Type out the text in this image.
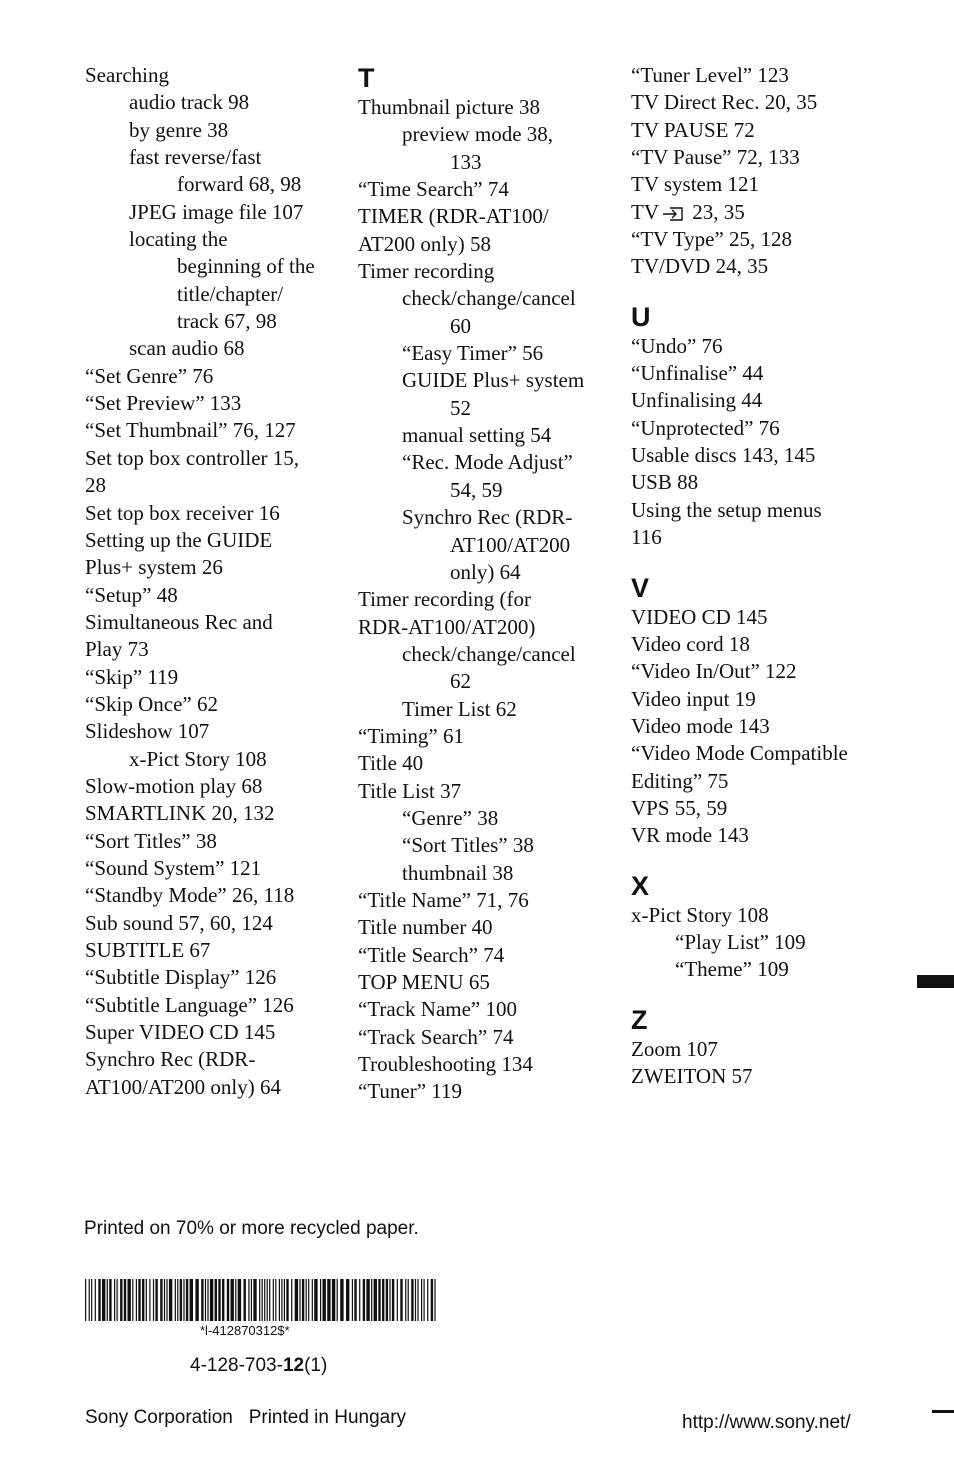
Searching
audio track 98
by genre 38
fast reverse/fast
forward 68, 98
JPEG image file 107
locating the
beginning of the
title/chapter/
track 67, 98
scan audio 68
“Set Genre” 76
“Set Preview” 133
“Set Thumbnail” 76, 127
Set top box controller 15,
28
Set top box receiver 16
Setting up the GUIDE
Plus+ system 26
“Setup” 48
Simultaneous Rec and
Play 73
“Skip” 119
“Skip Once” 62
Slideshow 107
x-Pict Story 108
Slow-motion play 68
SMARTLINK 20, 132
“Sort Titles” 38
“Sound System” 121
“Standby Mode” 26, 118
Sub sound 57, 60, 124
SUBTITLE 67
“Subtitle Display” 126
“Subtitle Language” 126
Super VIDEO CD 145
Synchro Rec (RDR-
AT100/AT200 only) 64
T
Thumbnail picture 38
preview mode 38,
133
“Time Search” 74
TIMER (RDR-AT100/
AT200 only) 58
Timer recording
check/change/cancel
60
“Easy Timer” 56
GUIDE Plus+ system
52
manual setting 54
“Rec. Mode Adjust”
54, 59
Synchro Rec (RDR-
AT100/AT200
only) 64
Timer recording (for
RDR-AT100/AT200)
check/change/cancel
62
Timer List 62
“Timing” 61
Title 40
Title List 37
“Genre” 38
“Sort Titles” 38
thumbnail 38
“Title Name” 71, 76
Title number 40
“Title Search” 74
TOP MENU 65
“Track Name” 100
“Track Search” 74
Troubleshooting 134
“Tuner” 119
“Tuner Level” 123
TV Direct Rec. 20, 35
TV PAUSE 72
“TV Pause” 72, 133
TV system 121
TV 23, 35
“TV Type” 25, 128
TV/DVD 24, 35
U
“Undo” 76
“Unfinalise” 44
Unfinalising 44
“Unprotected” 76
Usable discs 143, 145
USB 88
Using the setup menus
116
V
VIDEO CD 145
Video cord 18
“Video In/Out” 122
Video input 19
Video mode 143
“Video Mode Compatible
Editing” 75
VPS 55, 59
VR mode 143
X
x-Pict Story 108
“Play List” 109
“Theme” 109
Z
Zoom 107
ZWEITON 57
Printed on 70% or more recycled paper.
*l-412870312$*
4-128-703-12(1)
Sony Corporation   Printed in Hungary	http://www.sony.net/
